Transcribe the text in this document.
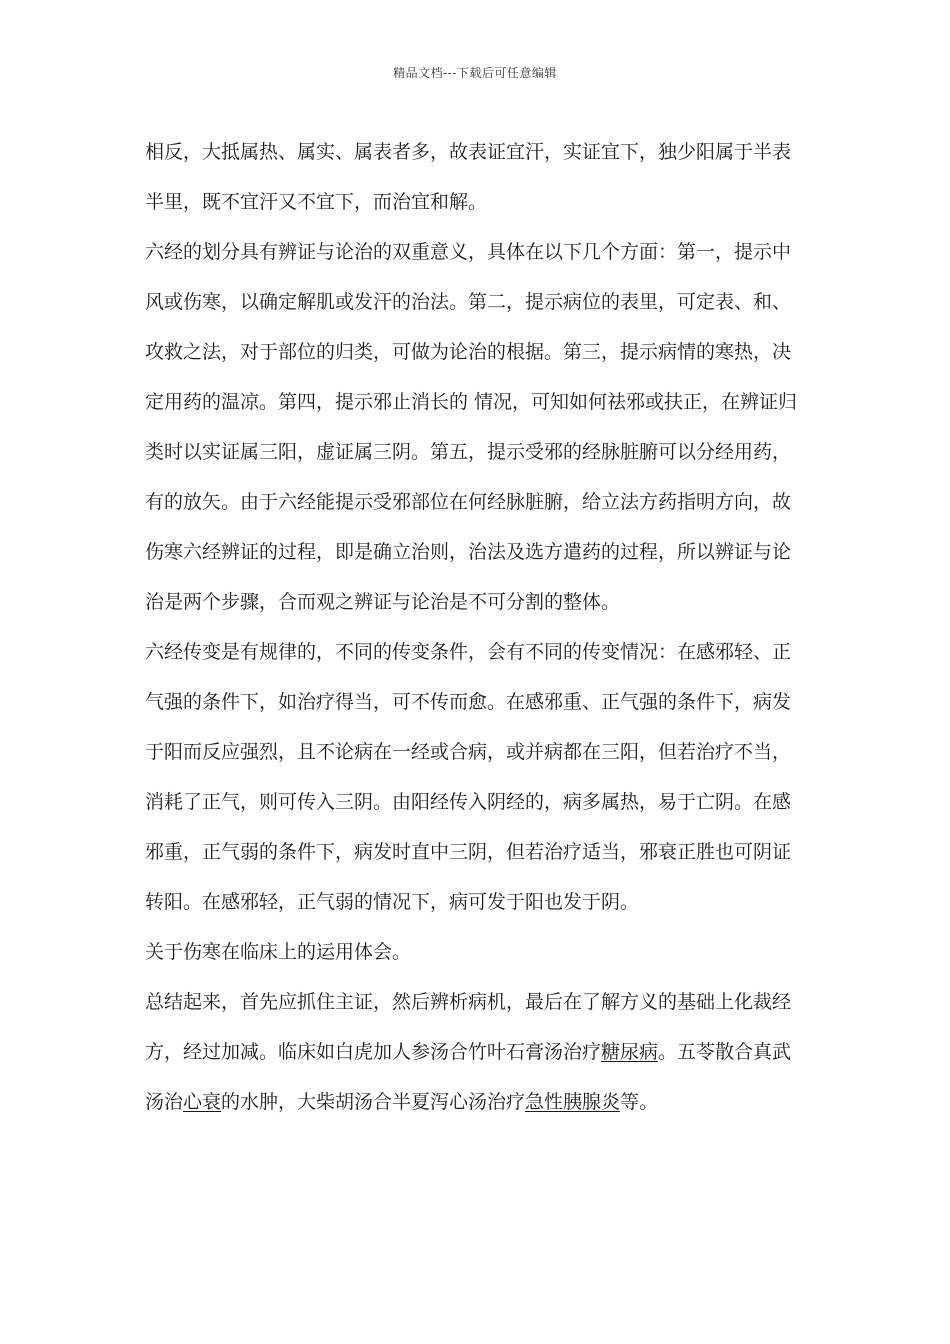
精品文档---下载后可任意编辑

相反，大抵属热、属实、属表者多，故表证宜汗，实证宜下，独少阳属于半表半里，既不宜汗又不宜下，而治宜和解。

六经的划分具有辨证与论治的双重意义，具体在以下几个方面：第一，提示中风或伤寒，以确定解肌或发汗的治法。第二，提示病位的表里，可定表、和、攻救之法，对于部位的归类，可做为论治的根据。第三，提示病情的寒热，决定用药的温凉。第四，提示邪止消长的 情况，可知如何祛邪或扶正，在辨证归类时以实证属三阳，虚证属三阴。第五，提示受邪的经脉脏腑可以分经用药，有的放矢。由于六经能提示受邪部位在何经脉脏腑，给立法方药指明方向，故伤寒六经辨证的过程，即是确立治则，治法及选方遣药的过程，所以辨证与论治是两个步骤，合而观之辨证与论治是不可分割的整体。

六经传变是有规律的，不同的传变条件，会有不同的传变情况：在感邪轻、正气强的条件下，如治疗得当，可不传而愈。在感邪重、正气强的条件下，病发于阳而反应强烈，且不论病在一经或合病，或并病都在三阳，但若治疗不当，消耗了正气，则可传入三阴。由阳经传入阴经的，病多属热，易于亡阴。在感邪重，正气弱的条件下，病发时直中三阴，但若治疗适当，邪衰正胜也可阴证转阳。在感邪轻，正气弱的情况下，病可发于阳也发于阴。

关于伤寒在临床上的运用体会。

总结起来，首先应抓住主证，然后辨析病机，最后在了解方义的基础上化裁经方，经过加减。临床如白虎加人参汤合竹叶石膏汤治疗糖尿病。五苓散合真武汤治心衰的水肿，大柴胡汤合半夏泻心汤治疗急性胰腺炎等。
